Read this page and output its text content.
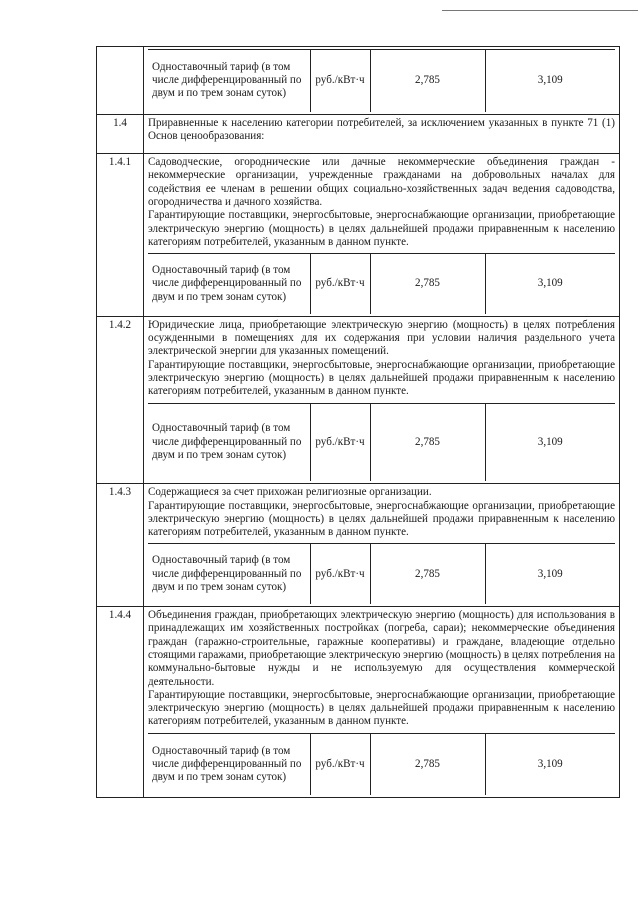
Одноставочный тариф (в том числе дифференцированный по двум и по трем зонам суток)	руб./кВт·ч	2,785	3,109

1.4	Приравненные к населению категории потребителей, за исключением указанных в пункте 71 (1) Основ ценообразования:

1.4.1	Садоводческие, огороднические или дачные некоммерческие объединения граждан - некоммерческие организации, учрежденные гражданами на добровольных началах для содействия ее членам в решении общих социально-хозяйственных задач ведения садоводства, огородничества и дачного хозяйства.

Гарантирующие поставщики, энергосбытовые, энергоснабжающие организации, приобретающие электрическую энергию (мощность) в целях дальнейшей продажи приравненным к населению категориям потребителей, указанным в данном пункте.

Одноставочный тариф (в том числе дифференцированный по двум и по трем зонам суток)	руб./кВт·ч	2,785	3,109

1.4.2	Юридические лица, приобретающие электрическую энергию (мощность) в целях потребления осужденными в помещениях для их содержания при условии наличия раздельного учета электрической энергии для указанных помещений.

Гарантирующие поставщики, энергосбытовые, энергоснабжающие организации, приобретающие электрическую энергию (мощность) в целях дальнейшей продажи приравненным к населению категориям потребителей, указанным в данном пункте.

Одноставочный тариф (в том числе дифференцированный по двум и по трем зонам суток)	руб./кВт·ч	2,785	3,109

1.4.3	Содержащиеся за счет прихожан религиозные организации.

Гарантирующие поставщики, энергосбытовые, энергоснабжающие организации, приобретающие электрическую энергию (мощность) в целях дальнейшей продажи приравненным к населению категориям потребителей, указанным в данном пункте.

Одноставочный тариф (в том числе дифференцированный по двум и по трем зонам суток)	руб./кВт·ч	2,785	3,109

1.4.4	Объединения граждан, приобретающих электрическую энергию (мощность) для использования в принадлежащих им хозяйственных постройках (погреба, сараи); некоммерческие объединения граждан (гаражно-строительные, гаражные кооперативы) и граждане, владеющие отдельно стоящими гаражами, приобретающие электрическую энергию (мощность) в целях потребления на коммунально-бытовые нужды и не используемую для осуществления коммерческой деятельности.

Гарантирующие поставщики, энергосбытовые, энергоснабжающие организации, приобретающие электрическую энергию (мощность) в целях дальнейшей продажи приравненным к населению категориям потребителей, указанным в данном пункте.

Одноставочный тариф (в том числе дифференцированный по двум и по трем зонам суток)	руб./кВт·ч	2,785	3,109
